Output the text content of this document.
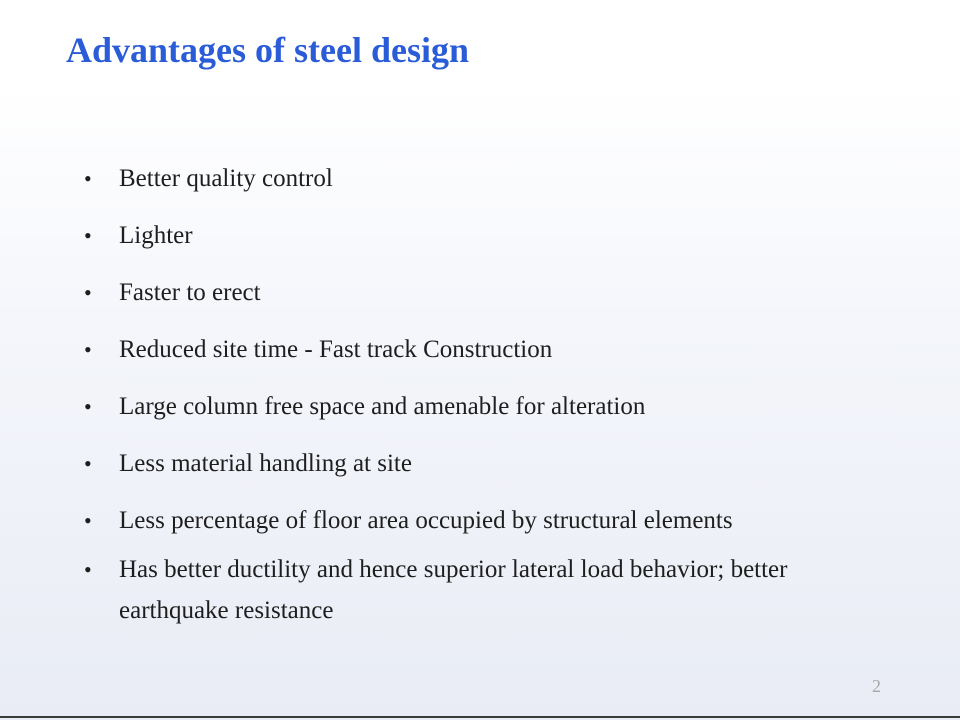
Advantages of steel design
• Better quality control
• Lighter
• Faster to erect
• Reduced site time - Fast track Construction
• Large column free space and amenable for alteration
• Less material handling at site
• Less percentage of floor area occupied by structural elements
• Has better ductility and hence superior lateral load behavior; better earthquake resistance
2
